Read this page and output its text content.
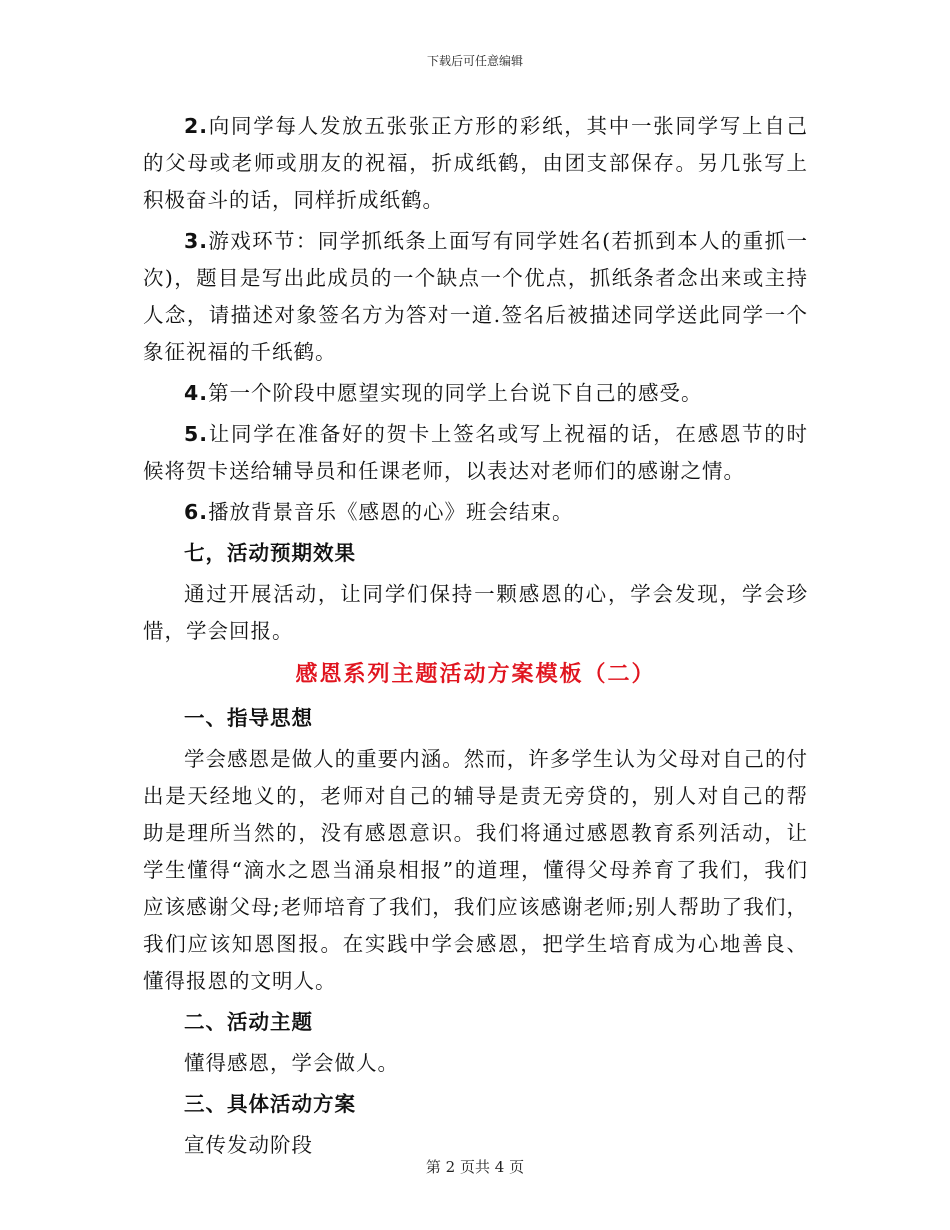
下载后可任意编辑

2.向同学每人发放五张张正方形的彩纸，其中一张同学写上自己的父母或老师或朋友的祝福，折成纸鹤，由团支部保存。另几张写上积极奋斗的话，同样折成纸鹤。

3.游戏环节：同学抓纸条上面写有同学姓名(若抓到本人的重抓一次)，题目是写出此成员的一个缺点一个优点，抓纸条者念出来或主持人念，请描述对象签名方为答对一道.签名后被描述同学送此同学一个象征祝福的千纸鹤。

4.第一个阶段中愿望实现的同学上台说下自己的感受。

5.让同学在准备好的贺卡上签名或写上祝福的话，在感恩节的时候将贺卡送给辅导员和任课老师，以表达对老师们的感谢之情。

6.播放背景音乐《感恩的心》班会结束。

七，活动预期效果

通过开展活动，让同学们保持一颗感恩的心，学会发现，学会珍惜，学会回报。

感恩系列主题活动方案模板（二）

一、指导思想

学会感恩是做人的重要内涵。然而，许多学生认为父母对自己的付出是天经地义的，老师对自己的辅导是责无旁贷的，别人对自己的帮助是理所当然的，没有感恩意识。我们将通过感恩教育系列活动，让学生懂得“滴水之恩当涌泉相报”的道理，懂得父母养育了我们，我们应该感谢父母;老师培育了我们，我们应该感谢老师;别人帮助了我们，我们应该知恩图报。在实践中学会感恩，把学生培育成为心地善良、懂得报恩的文明人。

二、活动主题

懂得感恩，学会做人。

三、具体活动方案

宣传发动阶段

第 2 页共 4 页
